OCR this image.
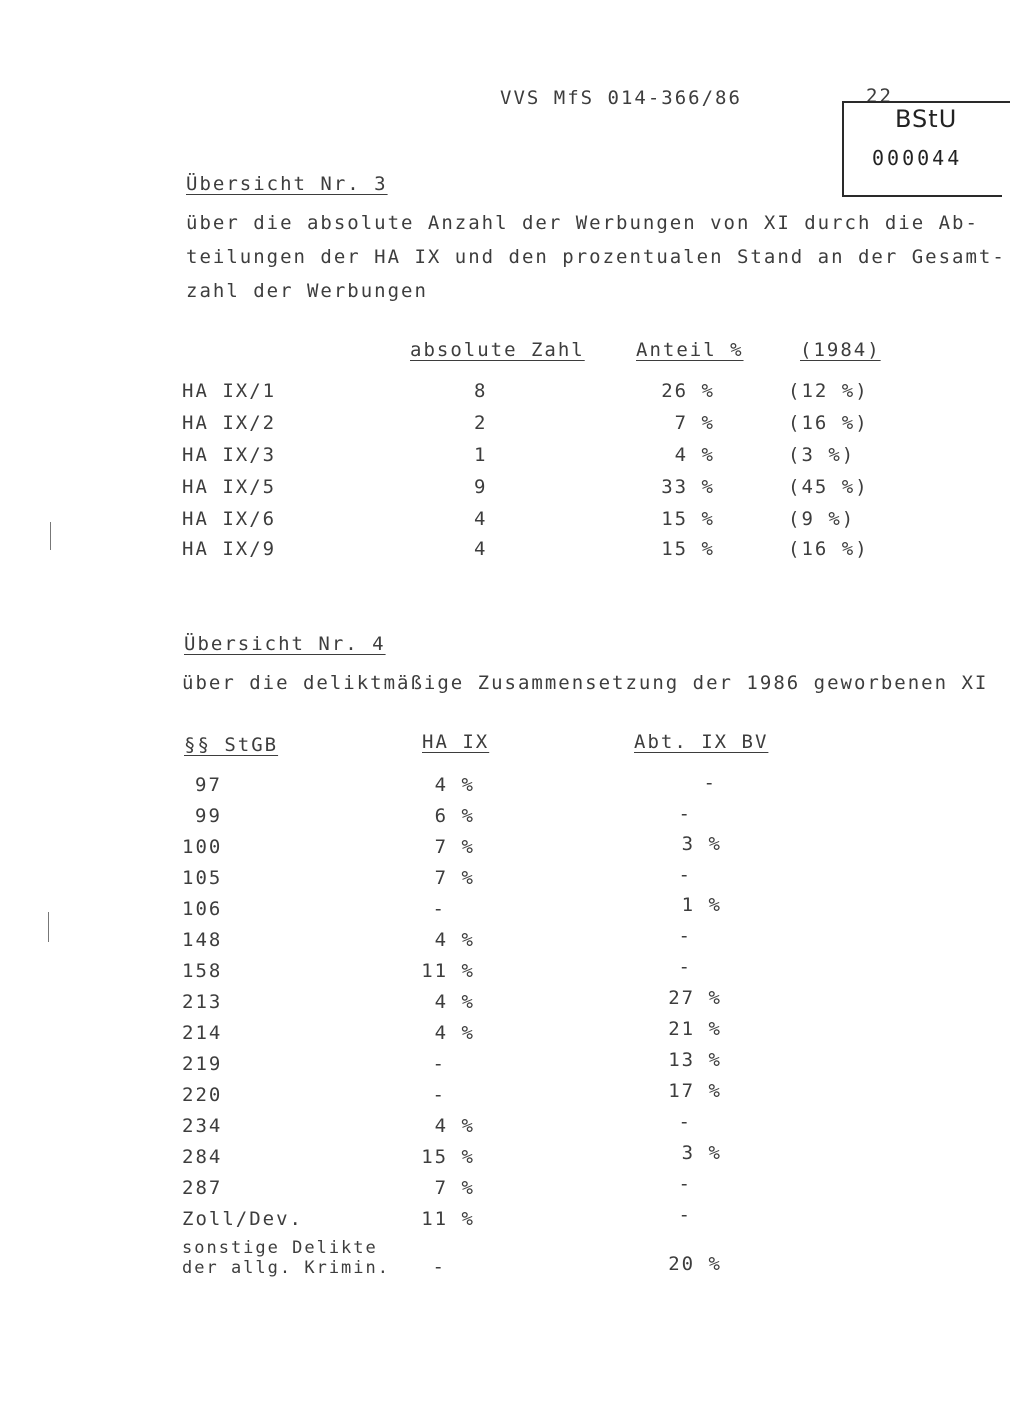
VVS MfS 014-366/86	22
BStU
000044
Übersicht Nr. 3
über die absolute Anzahl der Werbungen von XI durch die Ab-
teilungen der HA IX und den prozentualen Stand an der Gesamt-
zahl der Werbungen
absolute Zahl	Anteil %	(1984)
HA IX/1	8	26 %	(12 %)
HA IX/2	2	7 %	(16 %)
HA IX/3	1	4 %	(3 %)
HA IX/5	9	33 %	(45 %)
HA IX/6	4	15 %	(9 %)
HA IX/9	4	15 %	(16 %)
Übersicht Nr. 4
über die deliktmäßige Zusammensetzung der 1986 geworbenen XI
§§ StGB	HA IX	Abt. IX BV
97	4 %	-
99	6 %	-
100	7 %	3 %
105	7 %	-
106	-	1 %
148	4 %	-
158	11 %	-
213	4 %	27 %
214	4 %	21 %
219	-	13 %
220	-	17 %
234	4 %	-
284	15 %	3 %
287	7 %	-
Zoll/Dev.	11 %	-
sonstige Delikte der allg. Krimin.	-	20 %
